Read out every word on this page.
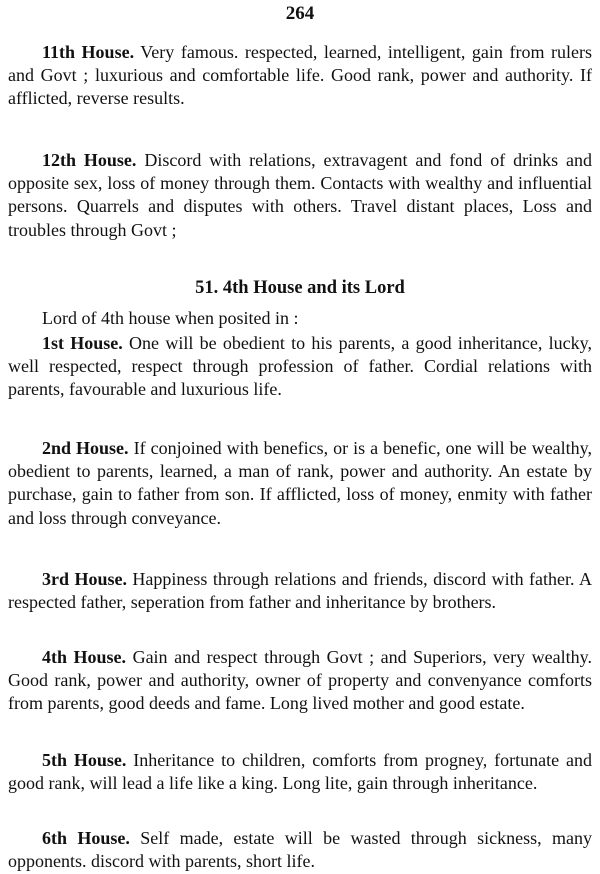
264

11th House. Very famous. respected, learned, intelligent, gain from rulers and Govt ; luxurious and comfortable life. Good rank, power and authority. If afflicted, reverse results.

12th House. Discord with relations, extravagent and fond of drinks and opposite sex, loss of money through them. Contacts with wealthy and influential persons. Quarrels and disputes with others. Travel distant places, Loss and troubles through Govt ;

51. 4th House and its Lord
Lord of 4th house when posited in :

1st House. One will be obedient to his parents, a good inheritance, lucky, well respected, respect through profession of father. Cordial relations with parents, favourable and luxurious life.

2nd House. If conjoined with benefics, or is a benefic, one will be wealthy, obedient to parents, learned, a man of rank, power and authority. An estate by purchase, gain to father from son. If afflicted, loss of money, enmity with father and loss through conveyance.

3rd House. Happiness through relations and friends, discord with father. A respected father, seperation from father and inheritance by brothers.

4th House. Gain and respect through Govt ; and Superiors, very wealthy. Good rank, power and authority, owner of property and convenyance comforts from parents, good deeds and fame. Long lived mother and good estate.

5th House. Inheritance to children, comforts from progney, fortunate and good rank, will lead a life like a king. Long lite, gain through inheritance.

6th House. Self made, estate will be wasted through sickness, many opponents. discord with parents, short life.
